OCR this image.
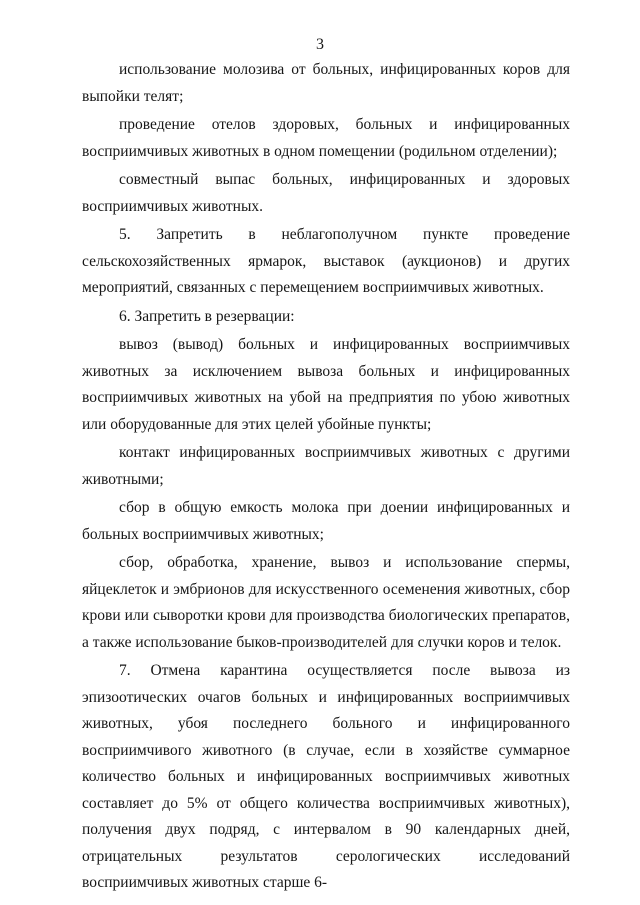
3

использование молозива от больных, инфицированных коров для выпойки телят;

проведение отелов здоровых, больных и инфицированных восприимчивых животных в одном помещении (родильном отделении);

совместный выпас больных, инфицированных и здоровых восприимчивых животных.

5. Запретить в неблагополучном пункте проведение сельскохозяйственных ярмарок, выставок (аукционов) и других мероприятий, связанных с перемещением восприимчивых животных.

6. Запретить в резервации:

вывоз (вывод) больных и инфицированных восприимчивых животных за исключением вывоза больных и инфицированных восприимчивых животных на убой на предприятия по убою животных или оборудованные для этих целей убойные пункты;

контакт инфицированных восприимчивых животных с другими животными;

сбор в общую емкость молока при доении инфицированных и больных восприимчивых животных;

сбор, обработка, хранение, вывоз и использование спермы, яйцеклеток и эмбрионов для искусственного осеменения животных, сбор крови или сыворотки крови для производства биологических препаратов, а также использование быков-производителей для случки коров и телок.

7. Отмена карантина осуществляется после вывоза из эпизоотических очагов больных и инфицированных восприимчивых животных, убоя последнего больного и инфицированного восприимчивого животного (в случае, если в хозяйстве суммарное количество больных и инфицированных восприимчивых животных составляет до 5% от общего количества восприимчивых животных), получения двух подряд, с интервалом в 90 календарных дней, отрицательных результатов серологических исследований восприимчивых животных старше 6-
